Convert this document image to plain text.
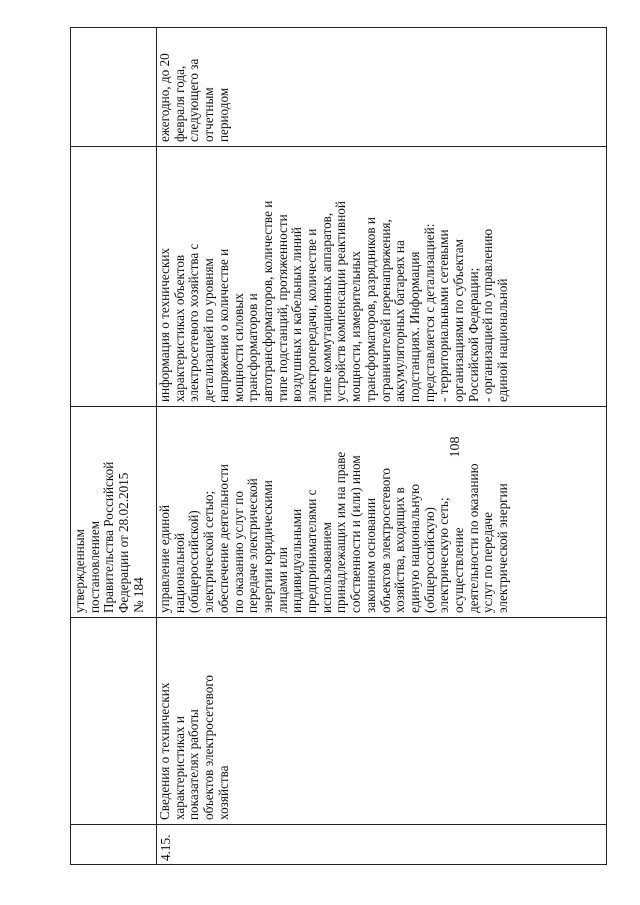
108
утвержденным
постановлением
Правительства Российской
Федерации от 28.02.2015
№ 184
4.15.
Сведения о технических
характеристиках и
показателях работы
объектов электросетевого
хозяйства
управление единой
национальной
(общероссийской)
электрической сетью;
обеспечение деятельности
по оказанию услуг по
передаче электрической
энергии юридическими
лицами или
индивидуальными
предпринимателями с
использованием
принадлежащих им на праве
собственности и (или) ином
законном основании
объектов электросетевого
хозяйства, входящих в
единую национальную
(общероссийскую)
электрическую сеть;
осуществление
деятельности по оказанию
услуг по передаче
электрической энергии
информация о технических
характеристиках объектов
электросетевого хозяйства с
детализацией по уровням
напряжения о количестве и
мощности силовых
трансформаторов и
автотрансформаторов, количестве и
типе подстанций, протяженности
воздушных и кабельных линий
электропередачи, количестве и
типе коммутационных аппаратов,
устройств компенсации реактивной
мощности, измерительных
трансформаторов, разрядников и
ограничителей перенапряжения,
аккумуляторных батареях на
подстанциях. Информация
представляется с детализацией:
- территориальными сетевыми
организациями по субъектам
Российской Федерации;
- организацией по управлению
единой национальной
ежегодно, до 20
февраля года,
следующего за
отчетным периодом
